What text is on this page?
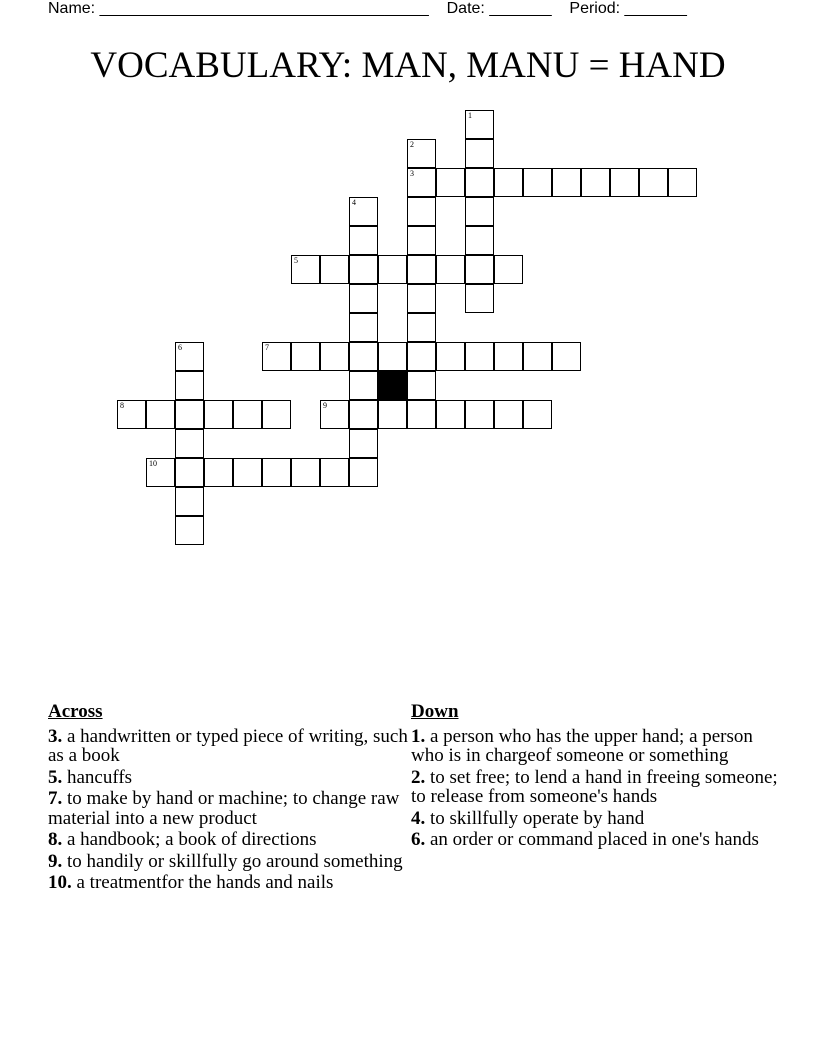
Name: _____________________________________ Date: _______ Period: _______
VOCABULARY: MAN, MANU = HAND
1
2
3
4
5
6	7
8	9
10
Across
3. a handwritten or typed piece of writing, such as a book
5. hancuffs
7. to make by hand or machine; to change raw material into a new product
8. a handbook; a book of directions
9. to handily or skillfully go around something
10. a treatmentfor the hands and nails
Down
1. a person who has the upper hand; a person who is in chargeof someone or something
2. to set free; to lend a hand in freeing someone; to release from someone's hands
4. to skillfully operate by hand
6. an order or command placed in one's hands
